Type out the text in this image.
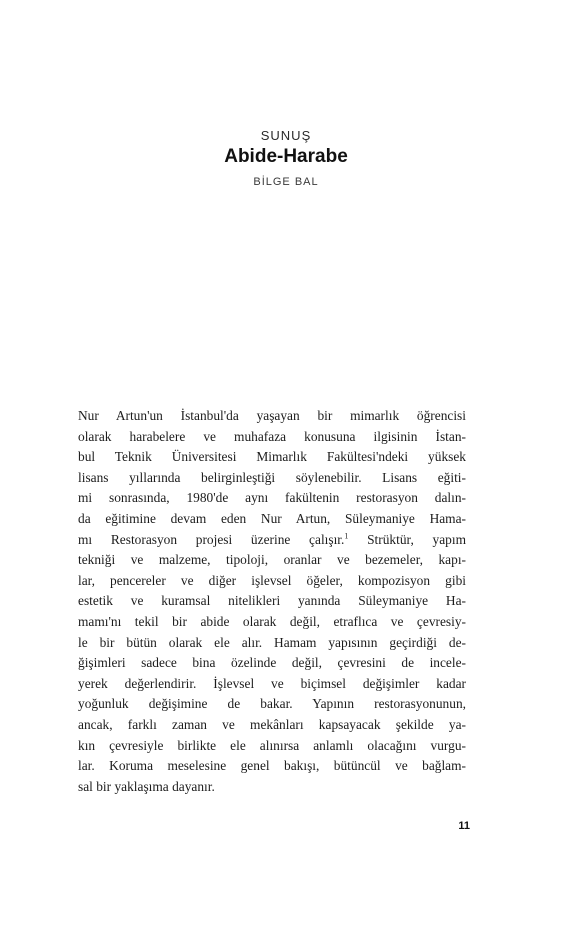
SUNUŞ
Abide-Harabe
BİLGE BAL
Nur Artun'un İstanbul'da yaşayan bir mimarlık öğrencisi
olarak harabelere ve muhafaza konusuna ilgisinin İstan-
bul Teknik Üniversitesi Mimarlık Fakültesi'ndeki yüksek
lisans yıllarında belirginleştiği söylenebilir. Lisans eğiti-
mi sonrasında, 1980'de aynı fakültenin restorasyon dalın-
da eğitimine devam eden Nur Artun, Süleymaniye Hama-
mı Restorasyon projesi üzerine çalışır.$^1$ Strüktür, yapım
tekniği ve malzeme, tipoloji, oranlar ve bezemeler, kapı-
lar, pencereler ve diğer işlevsel öğeler, kompozisyon gibi
estetik ve kuramsal nitelikleri yanında Süleymaniye Ha-
mamı'nı tekil bir abide olarak değil, etraflıca ve çevresiy-
le bir bütün olarak ele alır. Hamam yapısının geçirdiği de-
ğişimleri sadece bina özelinde değil, çevresini de incele-
yerek değerlendirir. İşlevsel ve biçimsel değişimler kadar
yoğunluk değişimine de bakar. Yapının restorasyonunun,
ancak, farklı zaman ve mekânları kapsayacak şekilde ya-
kın çevresiyle birlikte ele alınırsa anlamlı olacağını vurgu-
lar. Koruma meselesine genel bakışı, bütüncül ve bağlam-
sal bir yaklaşıma dayanır.
11
